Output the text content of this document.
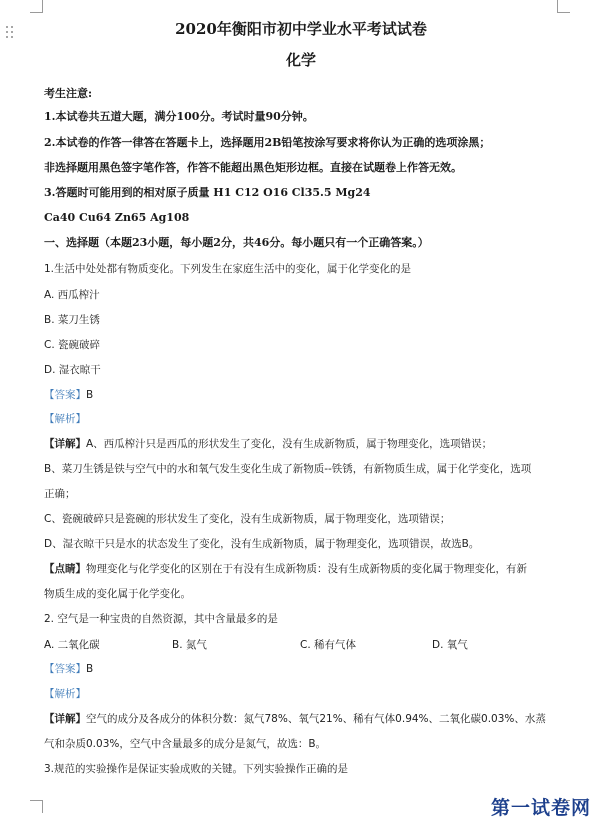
2020年衡阳市初中学业水平考试试卷
化学
考生注意:
1.本试卷共五道大题，满分100分。考试时量90分钟。
2.本试卷的作答一律答在答题卡上，选择题用2B铅笔按涂写要求将你认为正确的选项涂黑；
非选择题用黑色签字笔作答，作答不能超出黑色矩形边框。直接在试题卷上作答无效。
3.答题时可能用到的相对原子质量 H1 C12 O16 Cl35.5 Mg24
Ca40 Cu64 Zn65 Ag108
一、选择题（本题23小题，每小题2分，共46分。每小题只有一个正确答案。）
1.生活中处处都有物质变化。下列发生在家庭生活中的变化，属于化学变化的是
A. 西瓜榨汁
B. 菜刀生锈
C. 瓷碗破碎
D. 湿衣晾干
【答案】B
【解析】
【详解】A、西瓜榨汁只是西瓜的形状发生了变化，没有生成新物质，属于物理变化，选项错误；
B、菜刀生锈是铁与空气中的水和氧气发生变化生成了新物质--铁锈，有新物质生成，属于化学变化，选项
正确；
C、瓷碗破碎只是瓷碗的形状发生了变化，没有生成新物质，属于物理变化，选项错误；
D、湿衣晾干只是水的状态发生了变化，没有生成新物质，属于物理变化，选项错误，故选B。
【点睛】物理变化与化学变化的区别在于有没有生成新物质：没有生成新物质的变化属于物理变化，有新
物质生成的变化属于化学变化。
2. 空气是一种宝贵的自然资源，其中含量最多的是
A. 二氧化碳	B. 氮气	C. 稀有气体	D. 氧气
【答案】B
【解析】
【详解】空气的成分及各成分的体积分数：氮气78%、氧气21%、稀有气体0.94%、二氧化碳0.03%、水蒸
气和杂质0.03%，空气中含量最多的成分是氮气，故选：B。
3.规范的实验操作是保证实验成败的关键。下列实验操作正确的是
第一试卷网
